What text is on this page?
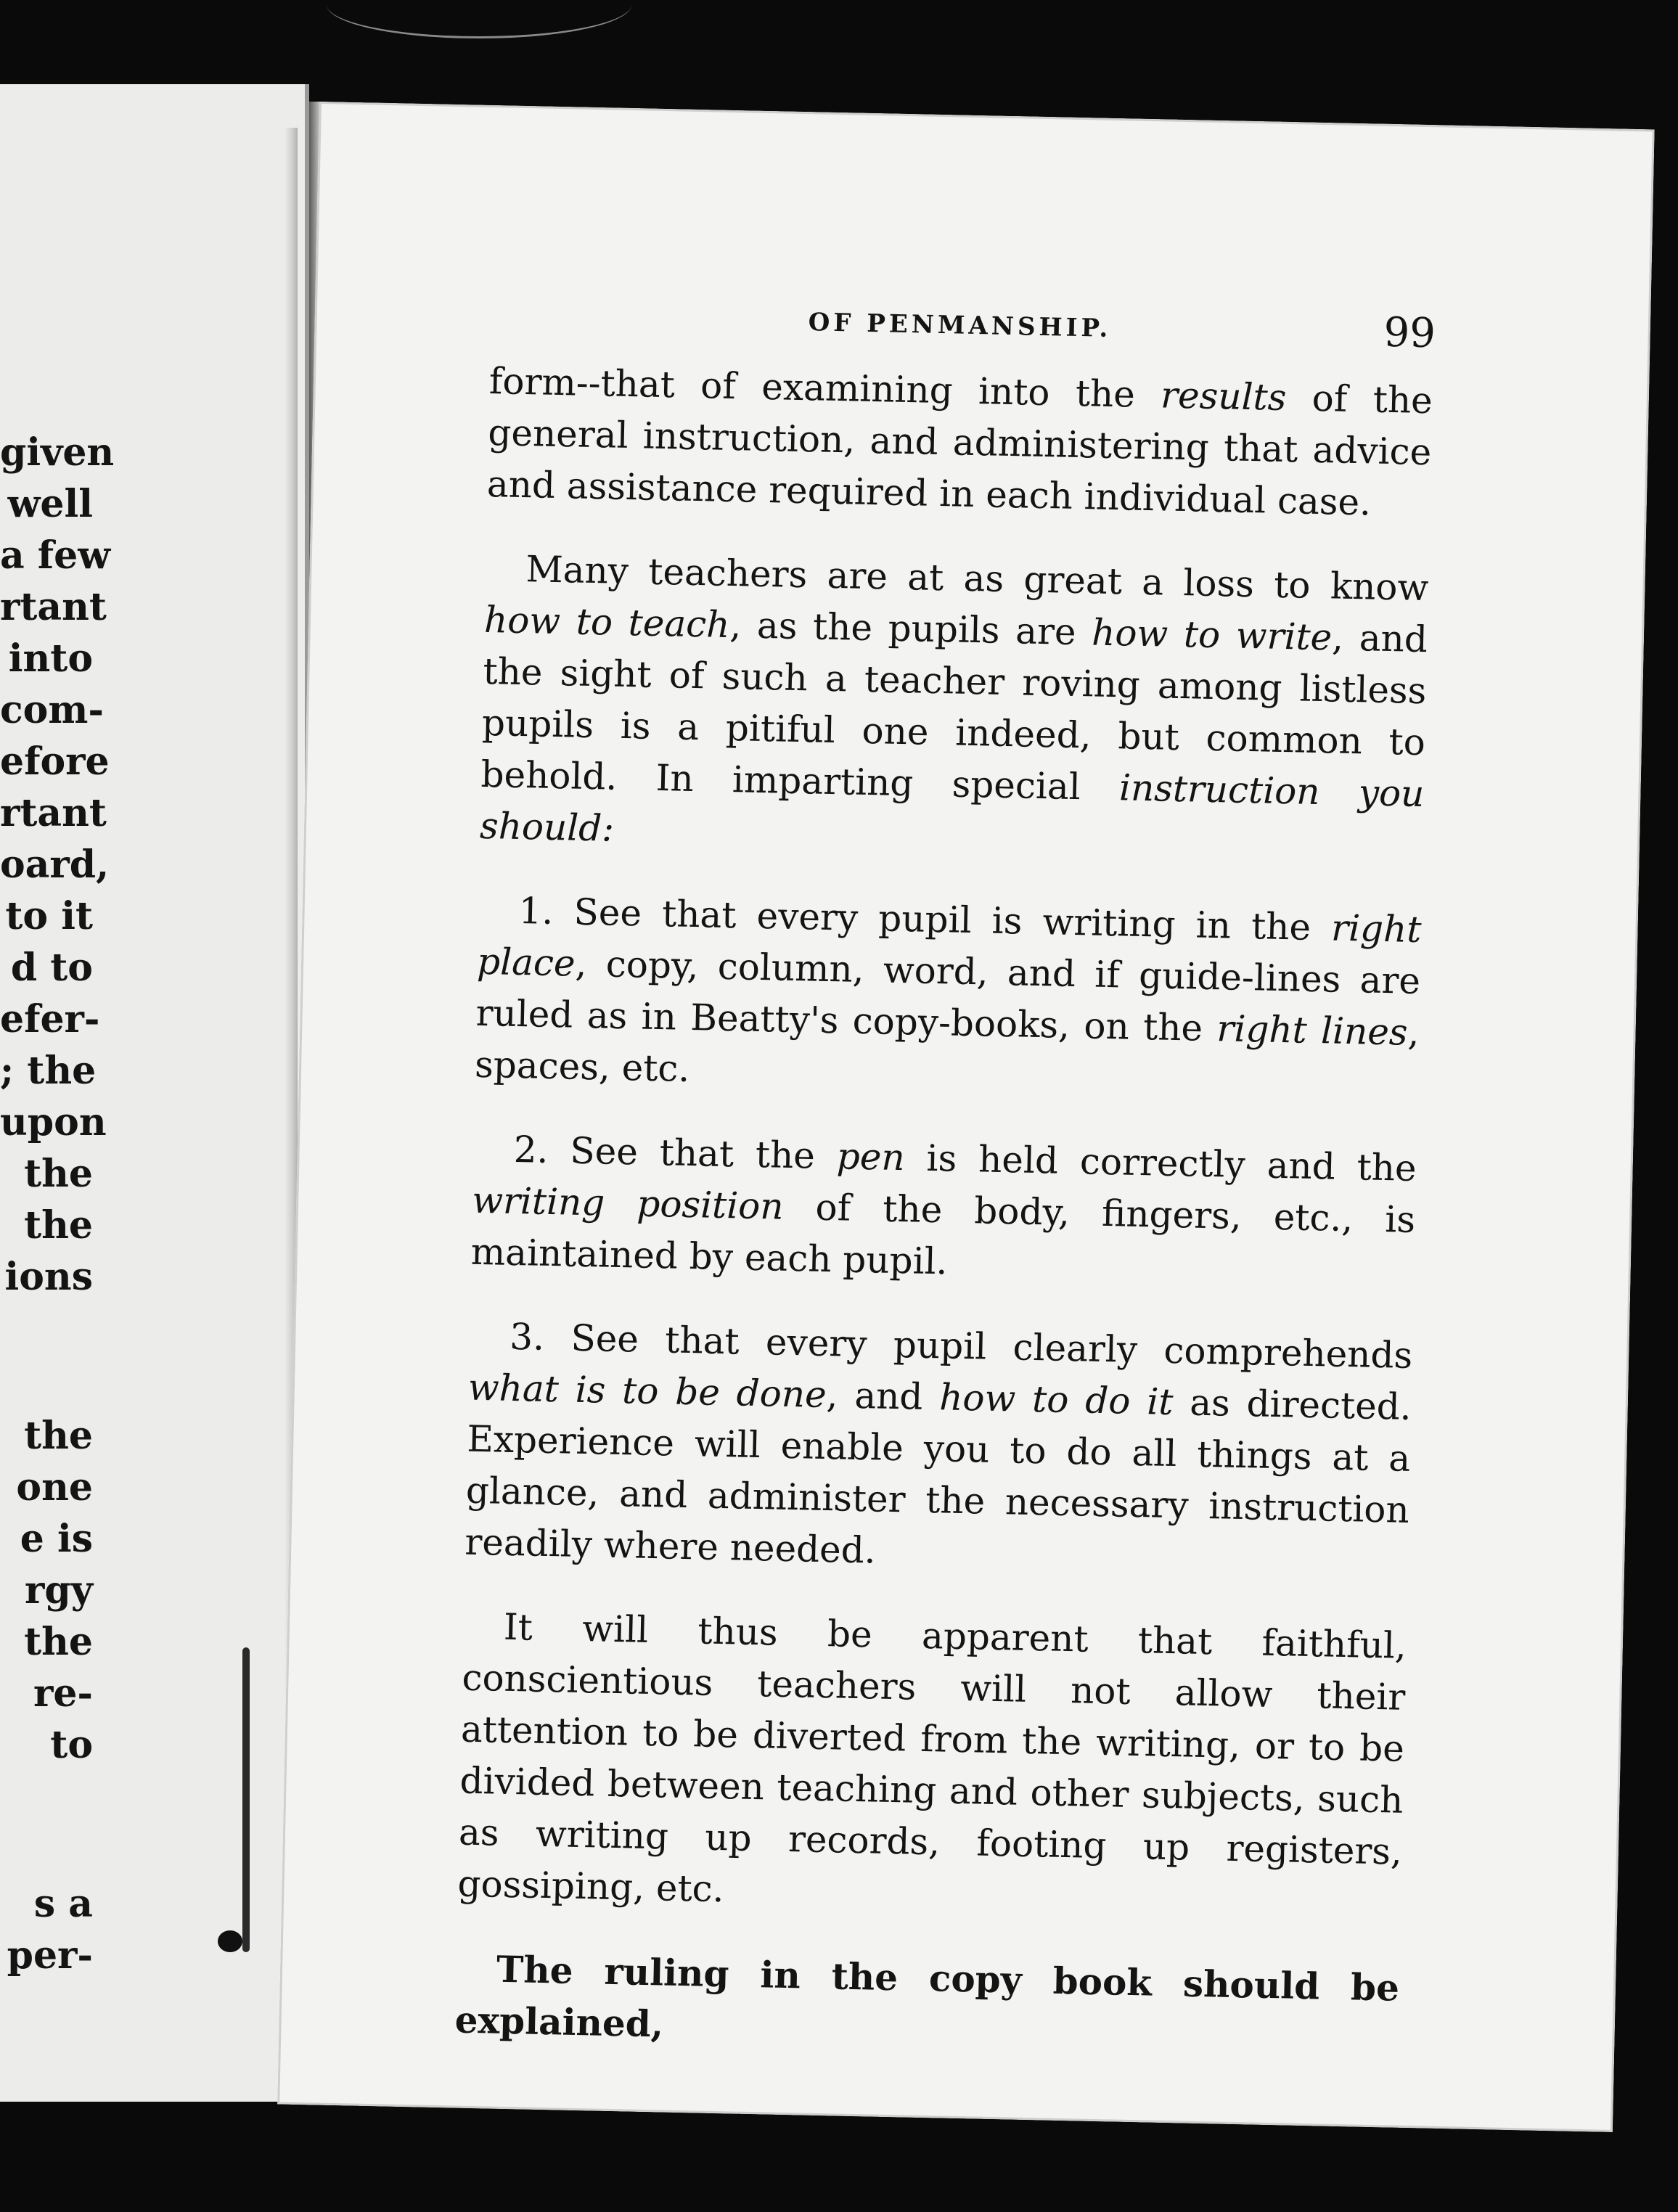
given
well
a few
rtant
into
com-
efore
rtant
oard,
to it
d to
efer-
; the
upon
the
the
ions
the
one
e is
rgy
the
re-
to
s a
per-
OF PENMANSHIP.	99

form--that of examining into the results of the general instruction, and administering that advice and assistance required in each individual case.

Many teachers are at as great a loss to know how to teach, as the pupils are how to write, and the sight of such a teacher roving among listless pupils is a pitiful one indeed, but common to behold. In imparting special instruction you should:

1. See that every pupil is writing in the right place, copy, column, word, and if guide-lines are ruled as in Beatty's copy-books, on the right lines, spaces, etc.

2. See that the pen is held correctly and the writing position of the body, fingers, etc., is maintained by each pupil.

3. See that every pupil clearly comprehends what is to be done, and how to do it as directed. Experience will enable you to do all things at a glance, and administer the necessary instruction readily where needed.

It will thus be apparent that faithful, conscientious teachers will not allow their attention to be diverted from the writing, or to be divided between teaching and other subjects, such as writing up records, footing up registers, gossiping, etc.

The ruling in the copy book should be explained,
